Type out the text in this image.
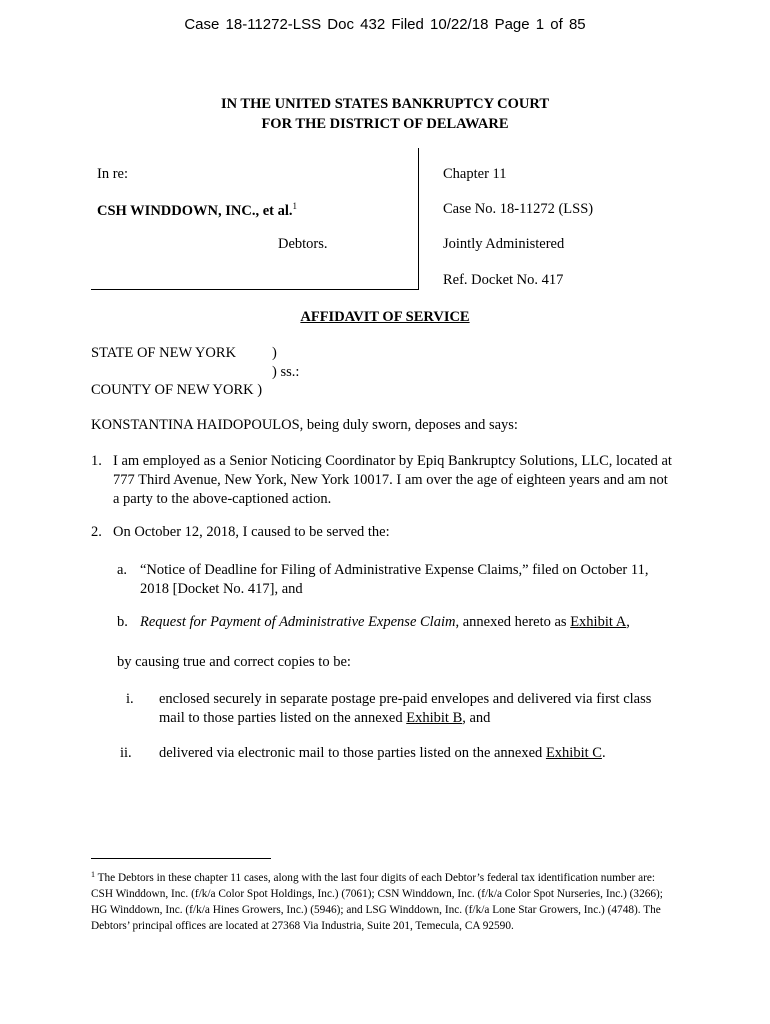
Case 18-11272-LSS Doc 432 Filed 10/22/18 Page 1 of 85
IN THE UNITED STATES BANKRUPTCY COURT
FOR THE DISTRICT OF DELAWARE
In re:
CSH WINDDOWN, INC., et al.$^1$
Debtors.
Chapter 11
Case No. 18-11272 (LSS)
Jointly Administered
Ref. Docket No. 417
AFFIDAVIT OF SERVICE
STATE OF NEW YORK )
) ss.:
COUNTY OF NEW YORK )
KONSTANTINA HAIDOPOULOS, being duly sworn, deposes and says:
1. I am employed as a Senior Noticing Coordinator by Epiq Bankruptcy Solutions, LLC, located at 777 Third Avenue, New York, New York 10017. I am over the age of eighteen years and am not a party to the above-captioned action.
2. On October 12, 2018, I caused to be served the:
a. “Notice of Deadline for Filing of Administrative Expense Claims,” filed on October 11, 2018 [Docket No. 417], and
b. Request for Payment of Administrative Expense Claim, annexed hereto as Exhibit A,
by causing true and correct copies to be:
i. enclosed securely in separate postage pre-paid envelopes and delivered via first class mail to those parties listed on the annexed Exhibit B, and
ii. delivered via electronic mail to those parties listed on the annexed Exhibit C.
$^1$ The Debtors in these chapter 11 cases, along with the last four digits of each Debtor’s federal tax identification number are: CSH Winddown, Inc. (f/k/a Color Spot Holdings, Inc.) (7061); CSN Winddown, Inc. (f/k/a Color Spot Nurseries, Inc.) (3266); HG Winddown, Inc. (f/k/a Hines Growers, Inc.) (5946); and LSG Winddown, Inc. (f/k/a Lone Star Growers, Inc.) (4748). The Debtors’ principal offices are located at 27368 Via Industria, Suite 201, Temecula, CA 92590.
